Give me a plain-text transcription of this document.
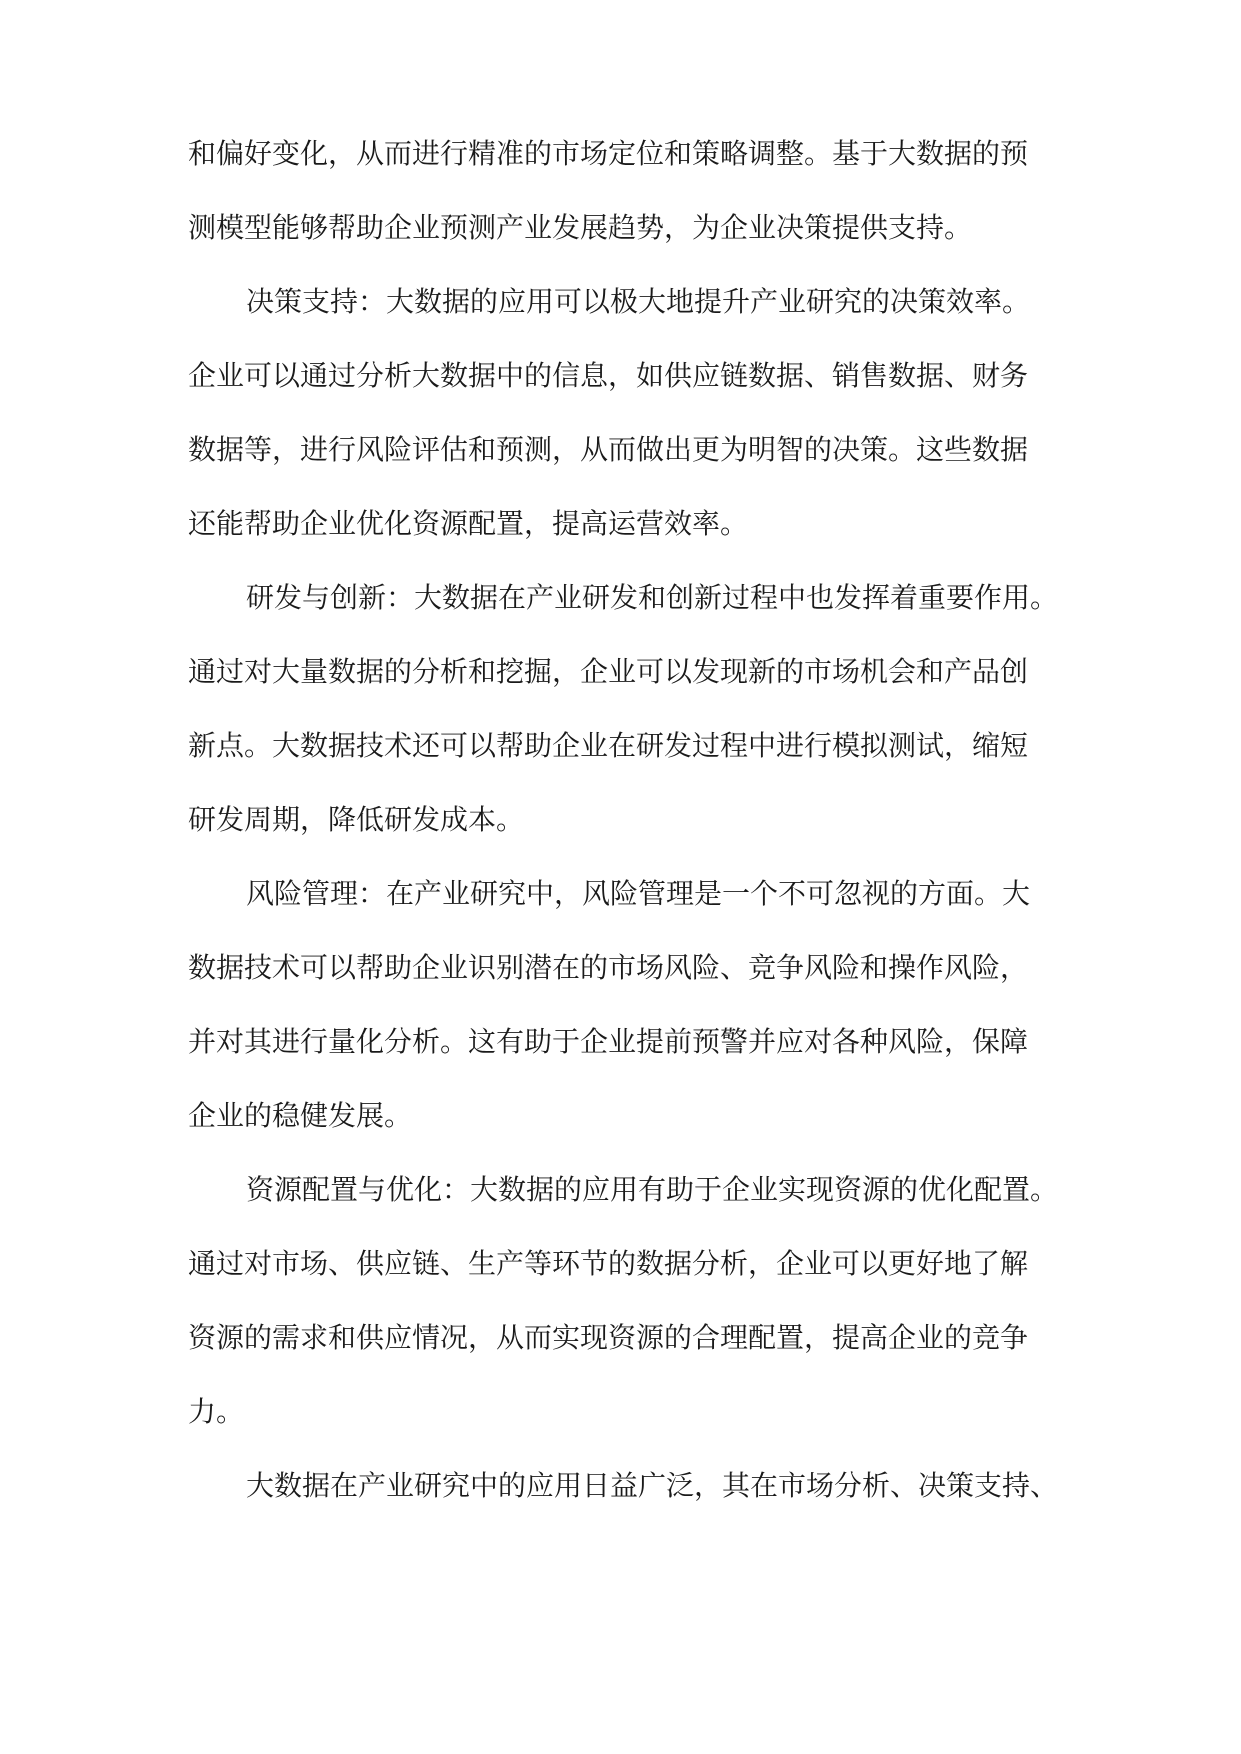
和偏好变化，从而进行精准的市场定位和策略调整。基于大数据的预
测模型能够帮助企业预测产业发展趋势，为企业决策提供支持。
决策支持：大数据的应用可以极大地提升产业研究的决策效率。
企业可以通过分析大数据中的信息，如供应链数据、销售数据、财务
数据等，进行风险评估和预测，从而做出更为明智的决策。这些数据
还能帮助企业优化资源配置，提高运营效率。
研发与创新：大数据在产业研发和创新过程中也发挥着重要作用。
通过对大量数据的分析和挖掘，企业可以发现新的市场机会和产品创
新点。大数据技术还可以帮助企业在研发过程中进行模拟测试，缩短
研发周期，降低研发成本。
风险管理：在产业研究中，风险管理是一个不可忽视的方面。大
数据技术可以帮助企业识别潜在的市场风险、竞争风险和操作风险，
并对其进行量化分析。这有助于企业提前预警并应对各种风险，保障
企业的稳健发展。
资源配置与优化：大数据的应用有助于企业实现资源的优化配置。
通过对市场、供应链、生产等环节的数据分析，企业可以更好地了解
资源的需求和供应情况，从而实现资源的合理配置，提高企业的竞争
力。
大数据在产业研究中的应用日益广泛，其在市场分析、决策支持、
